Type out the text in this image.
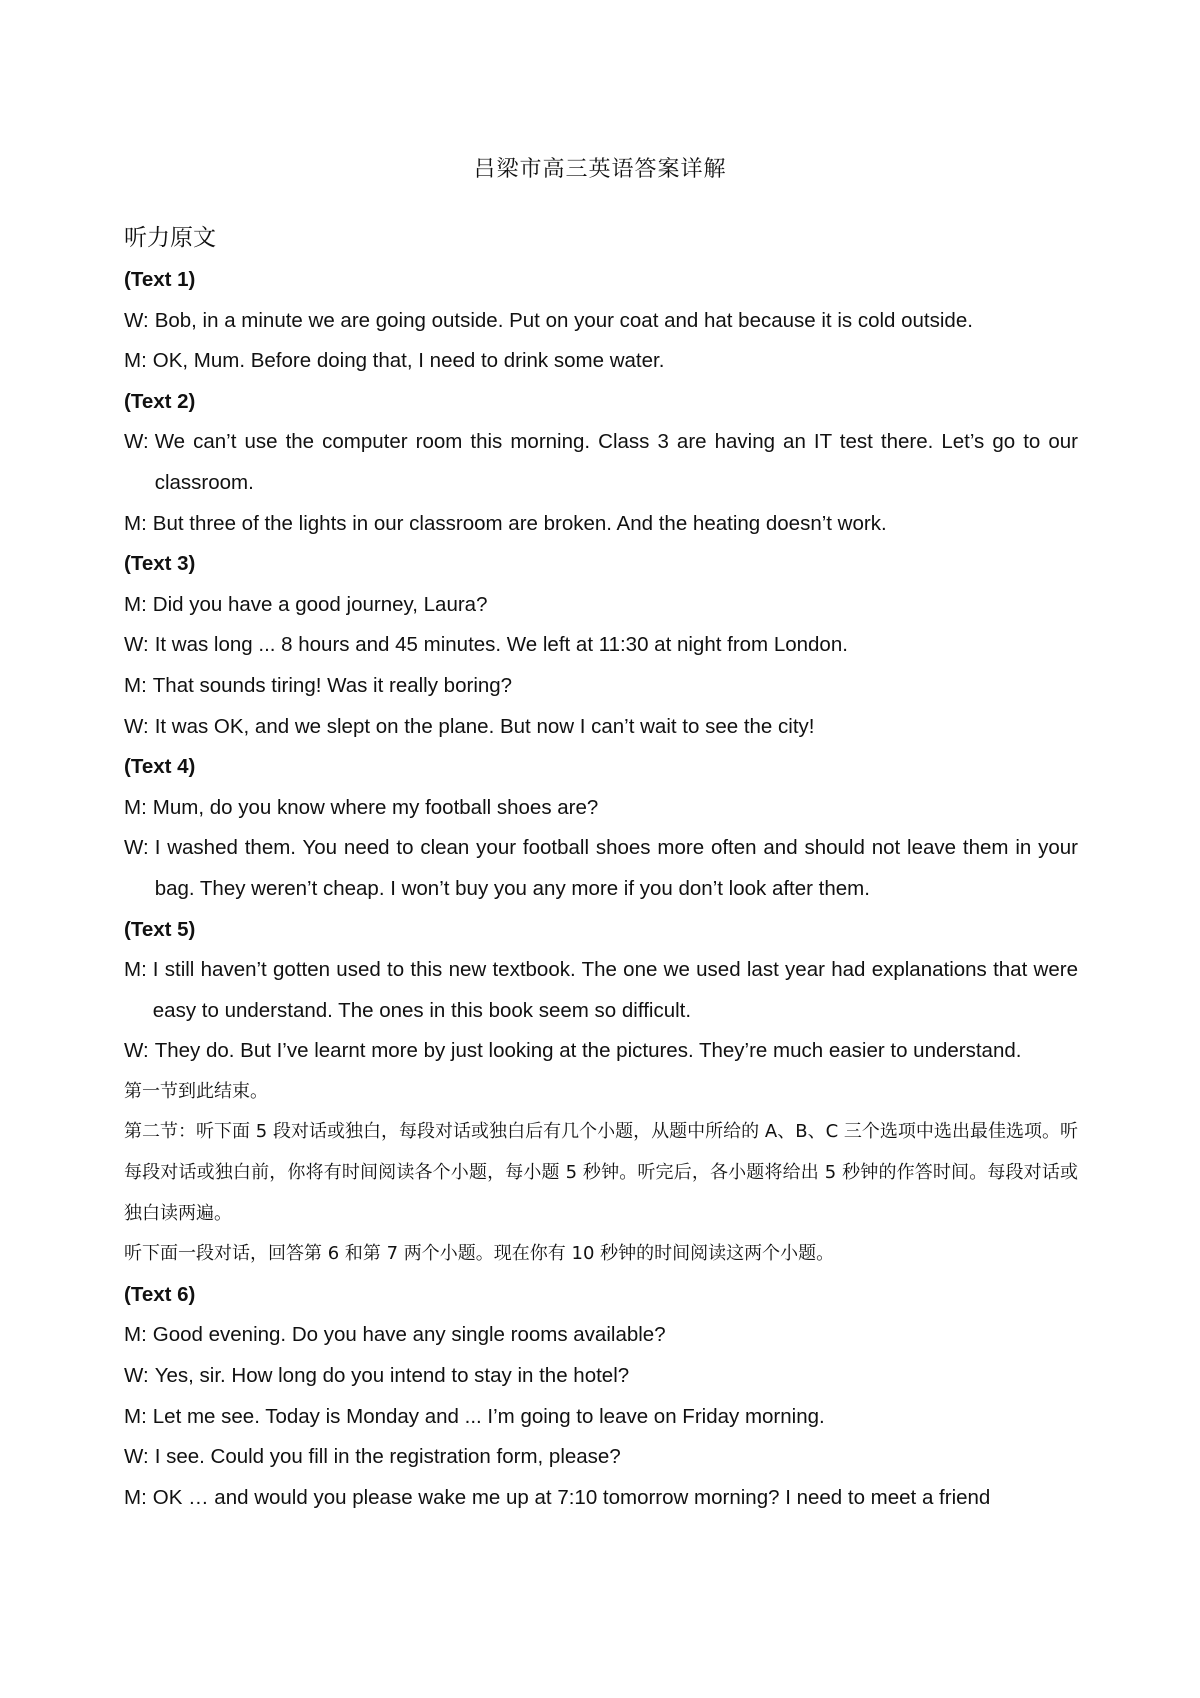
吕梁市高三英语答案详解
听力原文
(Text 1)
W: Bob, in a minute we are going outside. Put on your coat and hat because it is cold outside.
M: OK, Mum. Before doing that, I need to drink some water.
(Text 2)
W: We can’t use the computer room this morning. Class 3 are having an IT test there. Let’s go to our classroom.
M: But three of the lights in our classroom are broken. And the heating doesn’t work.
(Text 3)
M: Did you have a good journey, Laura?
W: It was long ... 8 hours and 45 minutes. We left at 11:30 at night from London.
M: That sounds tiring! Was it really boring?
W: It was OK, and we slept on the plane. But now I can’t wait to see the city!
(Text 4)
M: Mum, do you know where my football shoes are?
W: I washed them. You need to clean your football shoes more often and should not leave them in your bag. They weren’t cheap. I won’t buy you any more if you don’t look after them.
(Text 5)
M: I still haven’t gotten used to this new textbook. The one we used last year had explanations that were easy to understand. The ones in this book seem so difficult.
W: They do. But I’ve learnt more by just looking at the pictures. They’re much easier to understand.
第一节到此结束。
第二节：听下面 5 段对话或独白，每段对话或独白后有几个小题，从题中所给的 A、B、C 三个选项中选出最佳选项。听每段对话或独白前，你将有时间阅读各个小题，每小题 5 秒钟。听完后，各小题将给出 5 秒钟的作答时间。每段对话或独白读两遍。
听下面一段对话，回答第 6 和第 7 两个小题。现在你有 10 秒钟的时间阅读这两个小题。
(Text 6)
M: Good evening. Do you have any single rooms available?
W: Yes, sir. How long do you intend to stay in the hotel?
M: Let me see. Today is Monday and ... I’m going to leave on Friday morning.
W: I see. Could you fill in the registration form, please?
M: OK … and would you please wake me up at 7:10 tomorrow morning? I need to meet a friend
